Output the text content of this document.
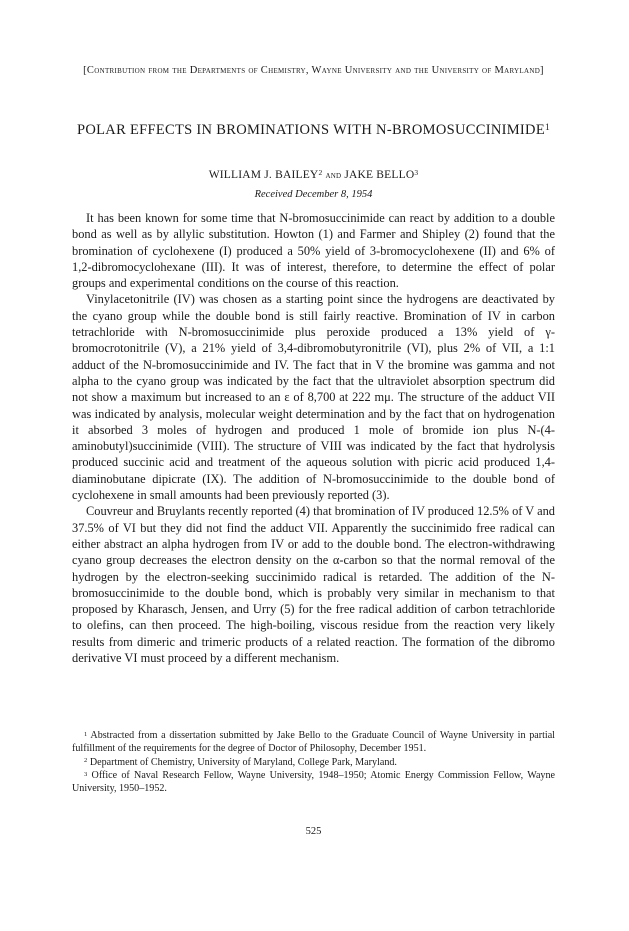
[Contribution from the Departments of Chemistry, Wayne University and the University of Maryland]
POLAR EFFECTS IN BROMINATIONS WITH N-BROMOSUCCINIMIDE$^1$
WILLIAM J. BAILEY$^2$ and JAKE BELLO$^3$
Received December 8, 1954

It has been known for some time that N-bromosuccinimide can react by addition to a double bond as well as by allylic substitution. Howton (1) and Farmer and Shipley (2) found that the bromination of cyclohexene (I) produced a 50% yield of 3-bromocyclohexene (II) and 6% of 1,2-dibromocyclohexane (III). It was of interest, therefore, to determine the effect of polar groups and experimental conditions on the course of this reaction.

Vinylacetonitrile (IV) was chosen as a starting point since the hydrogens are deactivated by the cyano group while the double bond is still fairly reactive. Bromination of IV in carbon tetrachloride with N-bromosuccinimide plus peroxide produced a 13% yield of γ-bromocrotonitrile (V), a 21% yield of 3,4-dibromobutyronitrile (VI), plus 2% of VII, a 1:1 adduct of the N-bromosuccinimide and IV. The fact that in V the bromine was gamma and not alpha to the cyano group was indicated by the fact that the ultraviolet absorption spectrum did not show a maximum but increased to an ε of 8,700 at 222 mμ. The structure of the adduct VII was indicated by analysis, molecular weight determination and by the fact that on hydrogenation it absorbed 3 moles of hydrogen and produced 1 mole of bromide ion plus N-(4-aminobutyl)succinimide (VIII). The structure of VIII was indicated by the fact that hydrolysis produced succinic acid and treatment of the aqueous solution with picric acid produced 1,4-diaminobutane dipicrate (IX). The addition of N-bromosuccinimide to the double bond of cyclohexene in small amounts had been previously reported (3).

Couvreur and Bruylants recently reported (4) that bromination of IV produced 12.5% of V and 37.5% of VI but they did not find the adduct VII. Apparently the succinimido free radical can either abstract an alpha hydrogen from IV or add to the double bond. The electron-withdrawing cyano group decreases the electron density on the α-carbon so that the normal removal of the hydrogen by the electron-seeking succinimido radical is retarded. The addition of the N-bromosuccinimide to the double bond, which is probably very similar in mechanism to that proposed by Kharasch, Jensen, and Urry (5) for the free radical addition of carbon tetrachloride to olefins, can then proceed. The high-boiling, viscous residue from the reaction very likely results from dimeric and trimeric products of a related reaction. The formation of the dibromo derivative VI must proceed by a different mechanism.

$^1$ Abstracted from a dissertation submitted by Jake Bello to the Graduate Council of Wayne University in partial fulfillment of the requirements for the degree of Doctor of Philosophy, December 1951.

$^2$ Department of Chemistry, University of Maryland, College Park, Maryland.

$^3$ Office of Naval Research Fellow, Wayne University, 1948–1950; Atomic Energy Commission Fellow, Wayne University, 1950–1952.

525
